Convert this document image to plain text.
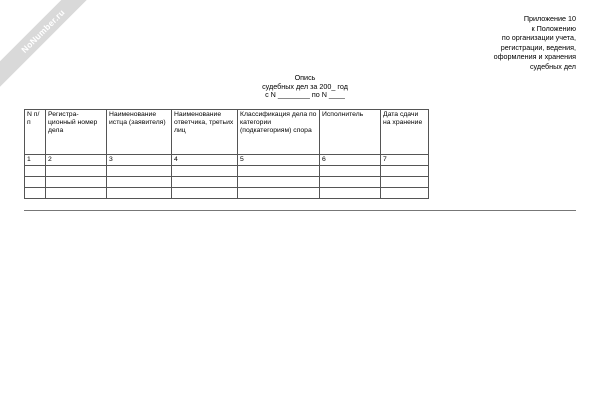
NoNumber.ru	Приложение 10
к Положению
по организации учета,
регистрации, ведения,
оформления и хранения
судебных дел
Опись
судебных дел за 200_ год
с N ________ по N ____
N п/п	Регистра- ционный номер дела	Наименование истца (заявителя)	Наименование ответчика, третьих лиц	Классификация дела по категории (подкатегориям) спора	Исполнитель	Дата сдачи на хранение
1	2	3	4	5	6	7
